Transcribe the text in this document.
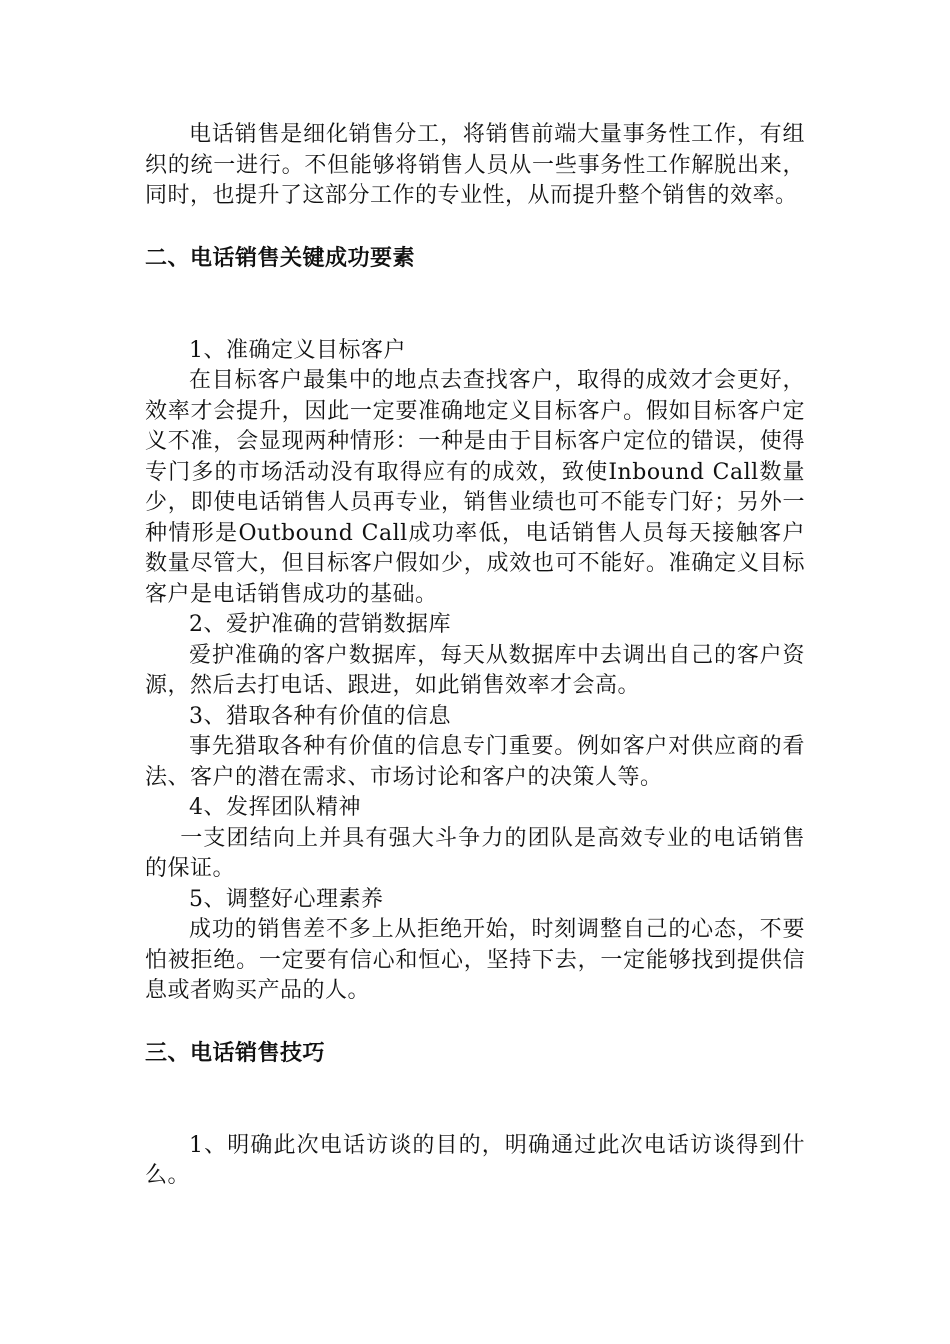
电话销售是细化销售分工，将销售前端大量事务性工作，有组织的统一进行。不但能够将销售人员从一些事务性工作解脱出来，同时，也提升了这部分工作的专业性，从而提升整个销售的效率。

二、电话销售关键成功要素

1、准确定义目标客户

在目标客户最集中的地点去查找客户，取得的成效才会更好，效率才会提升，因此一定要准确地定义目标客户。假如目标客户定义不准，会显现两种情形：一种是由于目标客户定位的错误，使得专门多的市场活动没有取得应有的成效，致使Inbound Call数量少，即使电话销售人员再专业，销售业绩也可不能专门好；另外一种情形是Outbound Call成功率低，电话销售人员每天接触客户数量尽管大，但目标客户假如少，成效也可不能好。准确定义目标客户是电话销售成功的基础。

2、爱护准确的营销数据库

爱护准确的客户数据库，每天从数据库中去调出自己的客户资源，然后去打电话、跟进，如此销售效率才会高。

3、猎取各种有价值的信息

事先猎取各种有价值的信息专门重要。例如客户对供应商的看法、客户的潜在需求、市场讨论和客户的决策人等。

4、发挥团队精神

一支团结向上并具有强大斗争力的团队是高效专业的电话销售的保证。

5、调整好心理素养

成功的销售差不多上从拒绝开始，时刻调整自己的心态，不要怕被拒绝。一定要有信心和恒心，坚持下去，一定能够找到提供信息或者购买产品的人。

三、电话销售技巧

1、明确此次电话访谈的目的，明确通过此次电话访谈得到什么。
